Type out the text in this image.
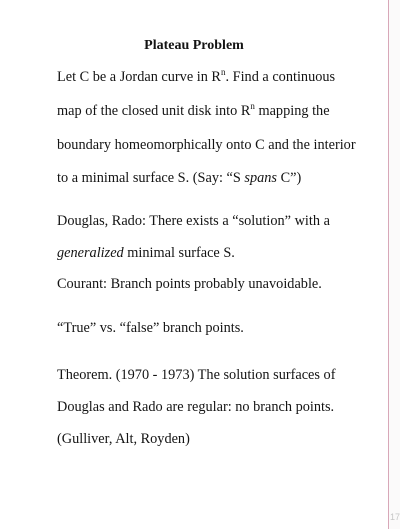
17
Plateau Problem
Let C be a Jordan curve in $R^n$. Find a continuous
map of the closed unit disk into $R^n$ mapping the
boundary homeomorphically onto C and the interior
to a minimal surface S. (Say: “S spans C”)
Douglas, Rado: There exists a “solution” with a
generalized minimal surface S.
Courant: Branch points probably unavoidable.
“True” vs. “false” branch points.
Theorem. (1970 - 1973) The solution surfaces of
Douglas and Rado are regular: no branch points.
(Gulliver, Alt, Royden)
